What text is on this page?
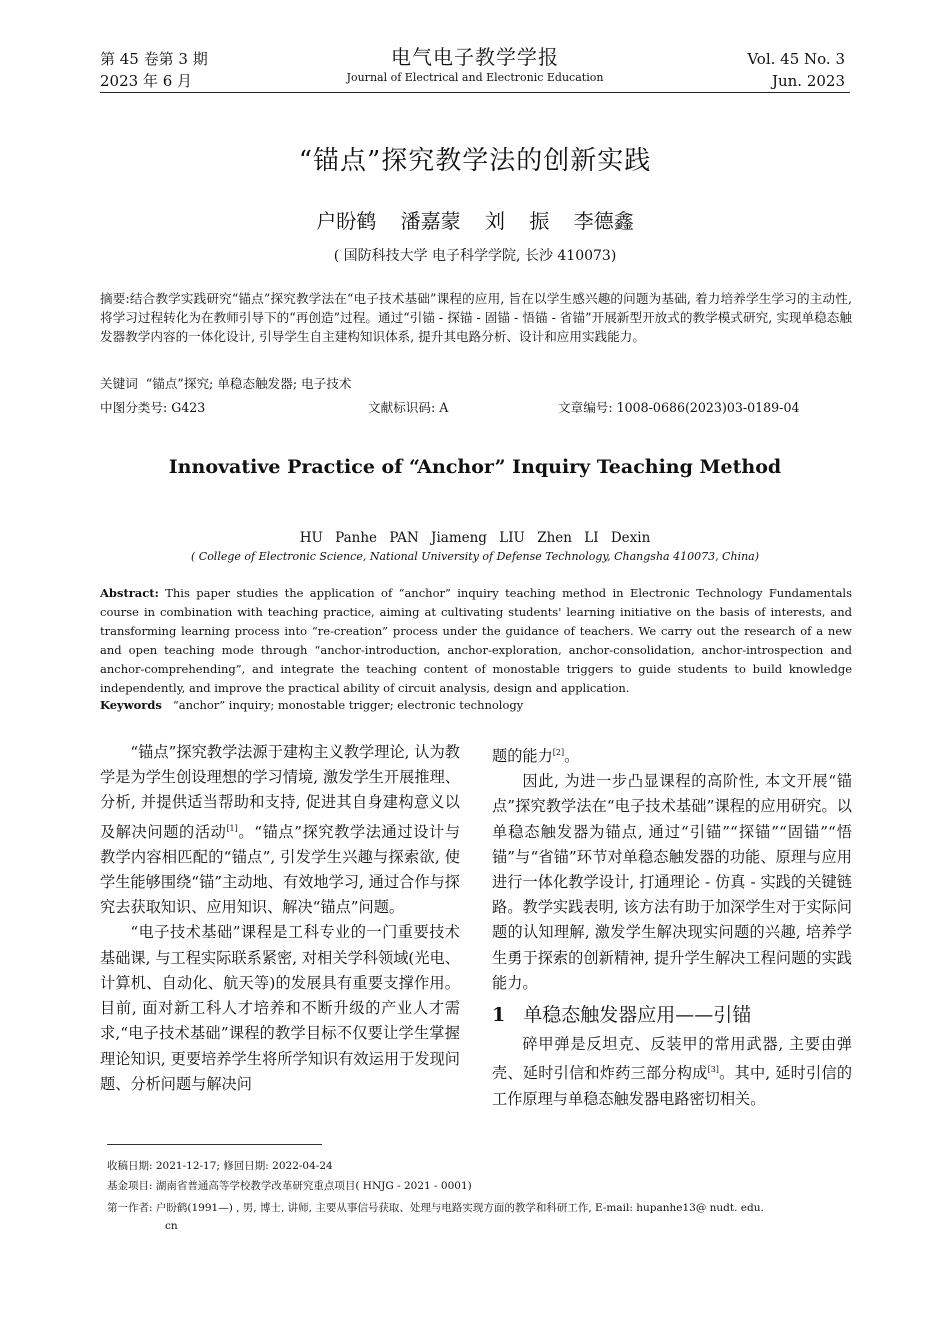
第 45 卷第 3 期
2023 年 6 月
电气电子教学学报
Journal of Electrical and Electronic Education
Vol. 45 No. 3
Jun. 2023
“锚点”探究教学法的创新实践
户盼鹤 潘嘉蒙 刘 振 李德鑫
( 国防科技大学 电子科学学院, 长沙 410073)
摘要:结合教学实践研究“锚点”探究教学法在“电子技术基础”课程的应用, 旨在以学生感兴趣的问题为基础, 着力培养学生学习的主动性, 将学习过程转化为在教师引导下的“再创造”过程。通过“引锚 - 探锚 - 固锚 - 悟锚 - 省锚”开展新型开放式的教学模式研究, 实现单稳态触发器教学内容的一体化设计, 引导学生自主建构知识体系, 提升其电路分析、设计和应用实践能力。
关键词 “锚点”探究; 单稳态触发器; 电子技术
中图分类号: G423	文献标识码: A	文章编号: 1008-0686(2023)03-0189-04
Innovative Practice of “Anchor” Inquiry Teaching Method
HU Panhe PAN Jiameng LIU Zhen LI Dexin
( College of Electronic Science, National University of Defense Technology, Changsha 410073, China)
Abstract: This paper studies the application of “anchor” inquiry teaching method in Electronic Technology Fundamentals course in combination with teaching practice, aiming at cultivating students' learning initiative on the basis of interests, and transforming learning process into “re-creation” process under the guidance of teachers. We carry out the research of a new and open teaching mode through “anchor-introduction, anchor-exploration, anchor-consolidation, anchor-introspection and anchor-comprehending”, and integrate the teaching content of monostable triggers to guide students to build knowledge independently, and improve the practical ability of circuit analysis, design and application.
Keywords “anchor” inquiry; monostable trigger; electronic technology

“锚点”探究教学法源于建构主义教学理论, 认为教学是为学生创设理想的学习情境, 激发学生开展推理、分析, 并提供适当帮助和支持, 促进其自身建构意义以及解决问题的活动[1]。“锚点”探究教学法通过设计与教学内容相匹配的“锚点”, 引发学生兴趣与探索欲, 使学生能够围绕“锚”主动地、有效地学习, 通过合作与探究去获取知识、应用知识、解决“锚点”问题。

“电子技术基础”课程是工科专业的一门重要技术基础课, 与工程实际联系紧密, 对相关学科领域(光电、计算机、自动化、航天等)的发展具有重要支撑作用。目前, 面对新工科人才培养和不断升级的产业人才需求,“电子技术基础”课程的教学目标不仅要让学生掌握理论知识, 更要培养学生将所学知识有效运用于发现问题、分析问题与解决问

题的能力[2]。

因此, 为进一步凸显课程的高阶性, 本文开展“锚点”探究教学法在“电子技术基础”课程的应用研究。以单稳态触发器为锚点, 通过“引锚”“探锚”“固锚”“悟锚”与“省锚”环节对单稳态触发器的功能、原理与应用进行一体化教学设计, 打通理论 - 仿真 - 实践的关键链路。教学实践表明, 该方法有助于加深学生对于实际问题的认知理解, 激发学生解决现实问题的兴趣, 培养学生勇于探索的创新精神, 提升学生解决工程问题的实践能力。

1 单稳态触发器应用——引锚

碎甲弹是反坦克、反装甲的常用武器, 主要由弹壳、延时引信和炸药三部分构成[3]。其中, 延时引信的工作原理与单稳态触发器电路密切相关。

收稿日期: 2021-12-17; 修回日期: 2022-04-24
基金项目: 湖南省普通高等学校教学改革研究重点项目( HNJG - 2021 - 0001)
第一作者: 户盼鹤(1991—) , 男, 博士, 讲师, 主要从事信号获取、处理与电路实现方面的教学和科研工作, E-mail: hupanhe13@ nudt. edu.
cn
